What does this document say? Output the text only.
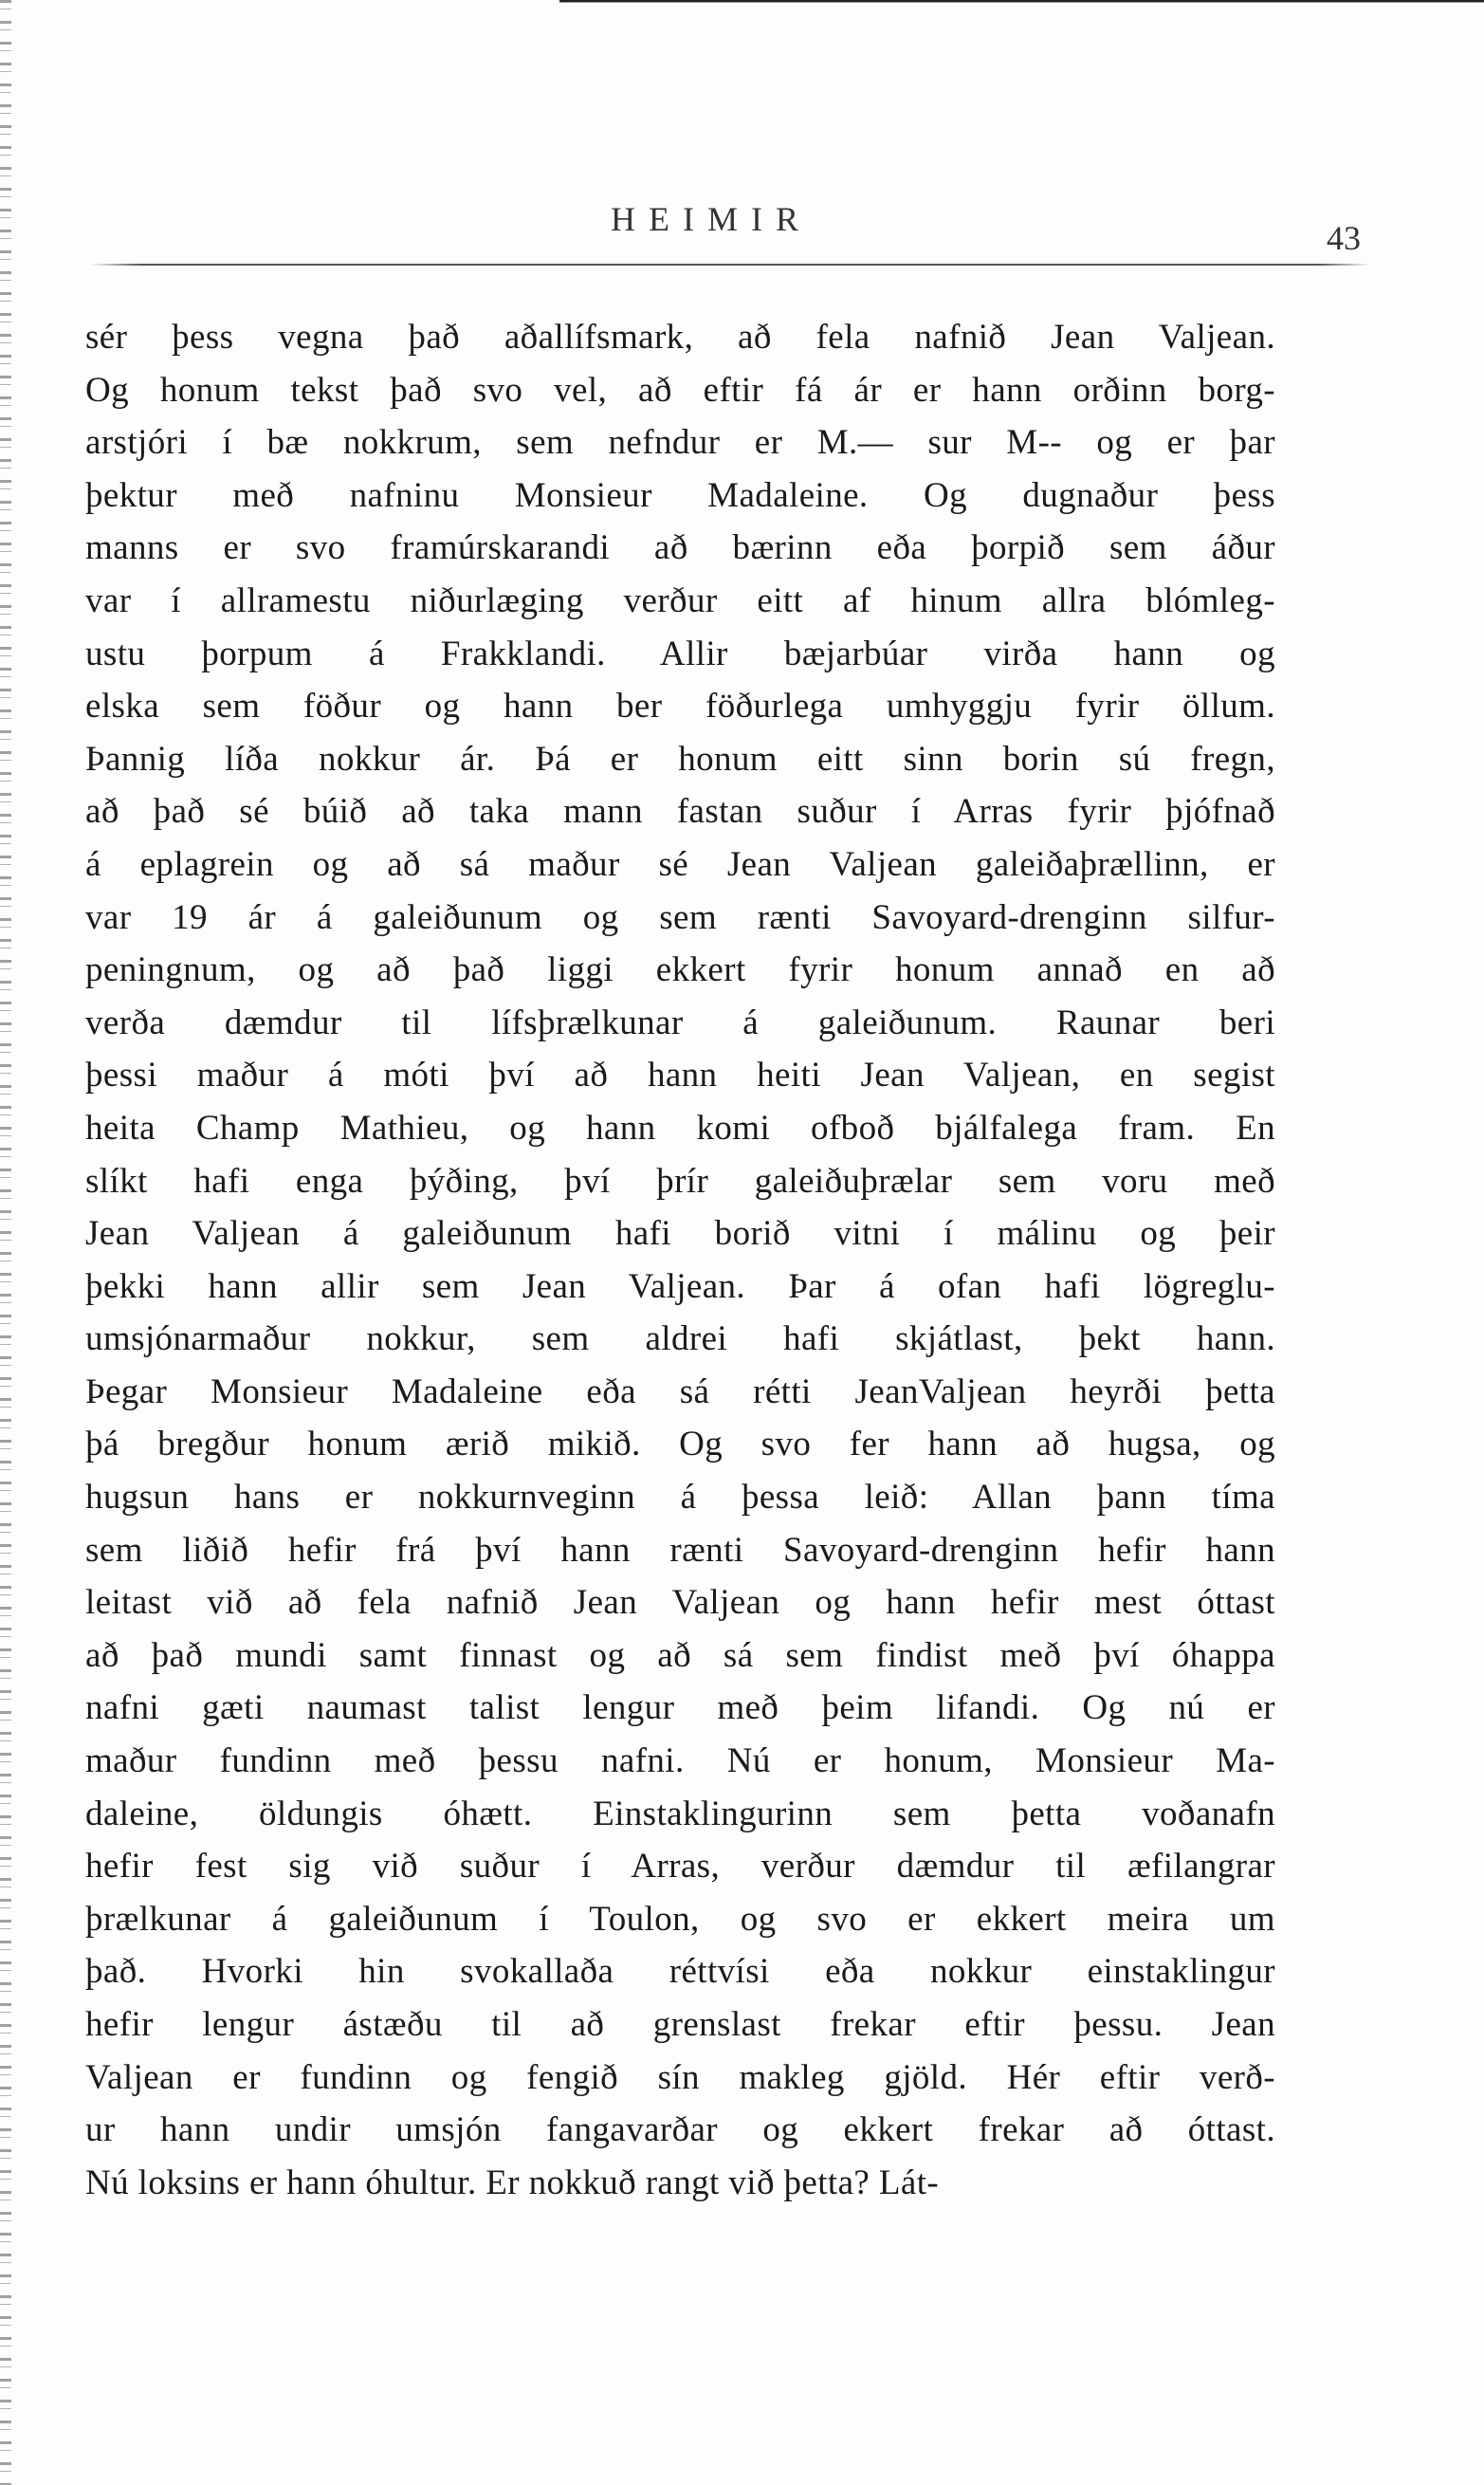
HEIMIR	43
sér þess vegna það aðallífsmark, að fela nafnið Jean Valjean.
Og honum tekst það svo vel, að eftir fá ár er hann orðinn borg-
arstjóri í bæ nokkrum, sem nefndur er M.— sur M-- og er þar
þektur með nafninu Monsieur Madaleine. Og dugnaður þess
manns er svo framúrskarandi að bærinn eða þorpið sem áður
var í allramestu niðurlæging verður eitt af hinum allra blómleg-
ustu þorpum á Frakklandi. Allir bæjarbúar virða hann og
elska sem föður og hann ber föðurlega umhyggju fyrir öllum.
Þannig líða nokkur ár. Þá er honum eitt sinn borin sú fregn,
að það sé búið að taka mann fastan suður í Arras fyrir þjófnað
á eplagrein og að sá maður sé Jean Valjean galeiðaþrællinn, er
var 19 ár á galeiðunum og sem rænti Savoyard-drenginn silfur-
peningnum, og að það liggi ekkert fyrir honum annað en að
verða dæmdur til lífsþrælkunar á galeiðunum. Raunar beri
þessi maður á móti því að hann heiti Jean Valjean, en segist
heita Champ Mathieu, og hann komi ofboð bjálfalega fram. En
slíkt hafi enga þýðing, því þrír galeiðuþrælar sem voru með
Jean Valjean á galeiðunum hafi borið vitni í málinu og þeir
þekki hann allir sem Jean Valjean. Þar á ofan hafi lögreglu-
umsjónarmaður nokkur, sem aldrei hafi skjátlast, þekt hann.
Þegar Monsieur Madaleine eða sá rétti JeanValjean heyrði þetta
þá bregður honum ærið mikið. Og svo fer hann að hugsa, og
hugsun hans er nokkurnveginn á þessa leið: Allan þann tíma
sem liðið hefir frá því hann rænti Savoyard-drenginn hefir hann
leitast við að fela nafnið Jean Valjean og hann hefir mest óttast
að það mundi samt finnast og að sá sem findist með því óhappa
nafni gæti naumast talist lengur með þeim lifandi. Og nú er
maður fundinn með þessu nafni. Nú er honum, Monsieur Ma-
daleine, öldungis óhætt. Einstaklingurinn sem þetta voðanafn
hefir fest sig við suður í Arras, verður dæmdur til æfilangrar
þrælkunar á galeiðunum í Toulon, og svo er ekkert meira um
það. Hvorki hin svokallaða réttvísi eða nokkur einstaklingur
hefir lengur ástæðu til að grenslast frekar eftir þessu. Jean
Valjean er fundinn og fengið sín makleg gjöld. Hér eftir verð-
ur hann undir umsjón fangavarðar og ekkert frekar að óttast.
Nú loksins er hann óhultur. Er nokkuð rangt við þetta? Lát-
